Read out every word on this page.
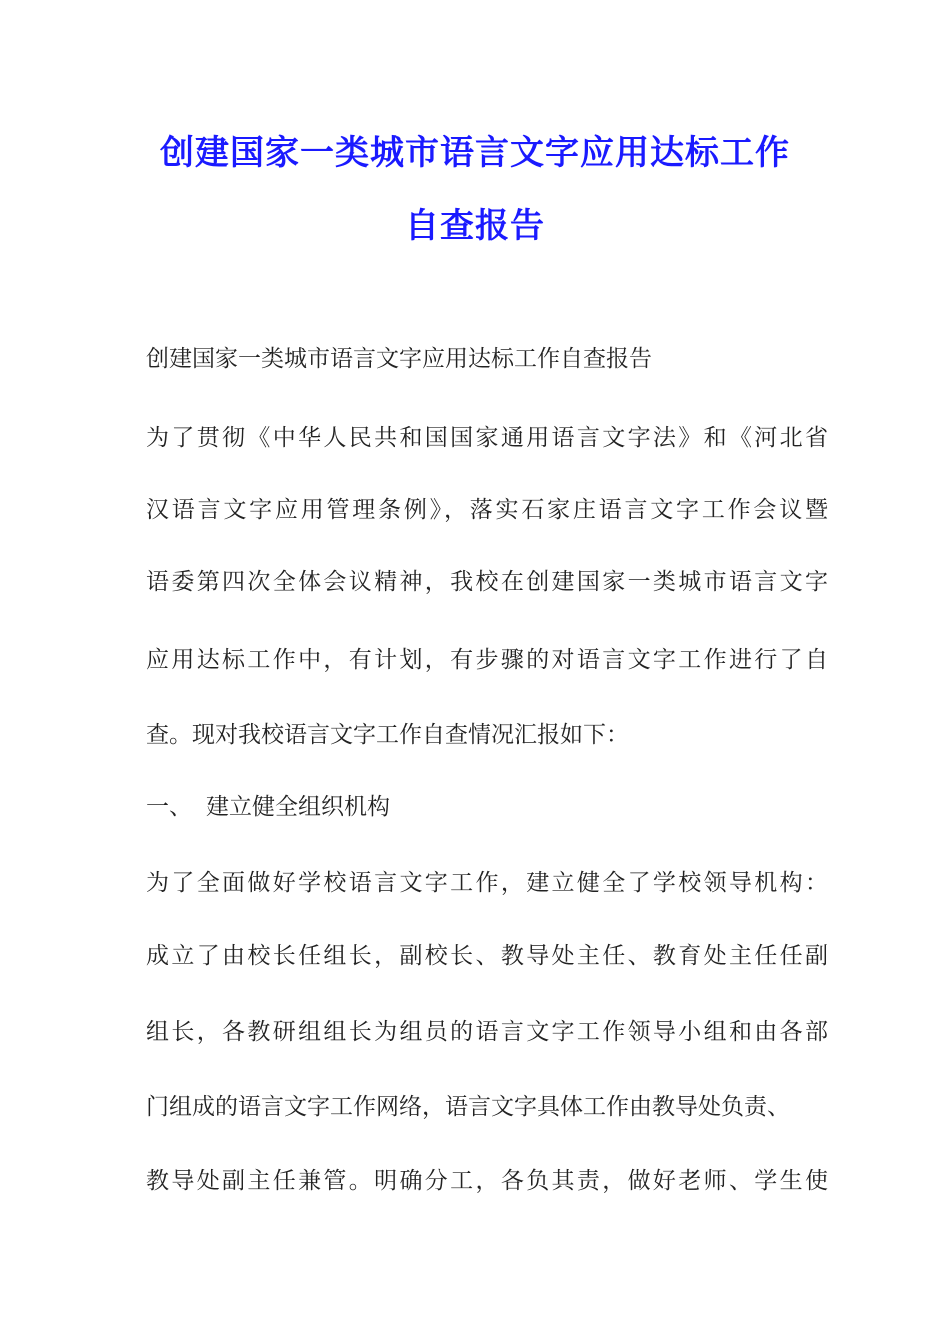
创建国家一类城市语言文字应用达标工作
自查报告
创建国家一类城市语言文字应用达标工作自查报告
为了贯彻《中华人民共和国国家通用语言文字法》和《河北省
汉语言文字应用管理条例》，落实石家庄语言文字工作会议暨
语委第四次全体会议精神，我校在创建国家一类城市语言文字
应用达标工作中，有计划，有步骤的对语言文字工作进行了自
查。现对我校语言文字工作自查情况汇报如下：
一、 建立健全组织机构
为了全面做好学校语言文字工作，建立健全了学校领导机构：
成立了由校长任组长，副校长、教导处主任、教育处主任任副
组长，各教研组组长为组员的语言文字工作领导小组和由各部
门组成的语言文字工作网络，语言文字具体工作由教导处负责、
教导处副主任兼管。明确分工，各负其责，做好老师、学生使
